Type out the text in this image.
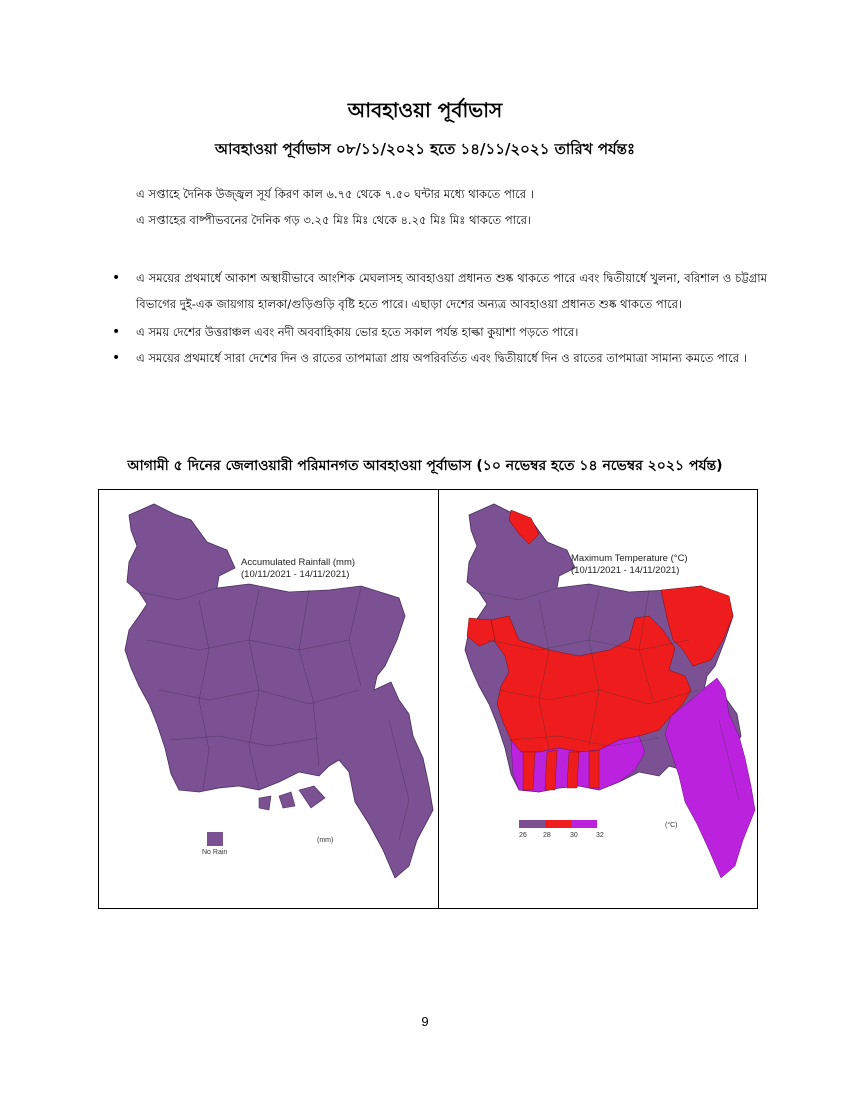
আবহাওয়া পূর্বাভাস
আবহাওয়া পূর্বাভাস ০৮/১১/২০২১ হতে ১৪/১১/২০২১ তারিখ পর্যন্তঃ
এ সপ্তাহে দৈনিক উজ্জ্বল সূর্য কিরণ কাল ৬.৭৫ থেকে ৭.৫০ ঘন্টার মধ্যে থাকতে পারে ।
এ সপ্তাহের বাষ্পীভবনের দৈনিক গড় ৩.২৫ মিঃ মিঃ থেকে ৪.২৫ মিঃ মিঃ থাকতে পারে।
• এ সময়ের প্রথমার্ধে আকাশ অস্থায়ীভাবে আংশিক মেঘলাসহ আবহাওয়া প্রধানত শুষ্ক থাকতে পারে এবং দ্বিতীয়ার্ধে খুলনা, বরিশাল ও চট্টগ্রাম বিভাগের দুই-এক জায়গায় হালকা/গুড়িগুড়ি বৃষ্টি হতে পারে। এছাড়া দেশের অন্যত্র আবহাওয়া প্রধানত শুষ্ক থাকতে পারে।
• এ সময় দেশের উত্তরাঞ্চল এবং নদী অববাহিকায় ভোর হতে সকাল পর্যন্ত হাল্কা কুয়াশা পড়তে পারে।
• এ সময়ের প্রথমার্ধে সারা দেশের দিন ও রাতের তাপমাত্রা প্রায় অপরিবর্তিত এবং দ্বিতীয়ার্ধে দিন ও রাতের তাপমাত্রা সামান্য কমতে পারে ।
আগামী ৫ দিনের জেলাওয়ারী পরিমানগত আবহাওয়া পূর্বাভাস (১০ নভেম্বর হতে ১৪ নভেম্বর ২০২১ পর্যন্ত)
Accumulated Rainfall (mm)
(10/11/2021 - 14/11/2021)
No Rain
(mm)
Maximum Temperature (°C)
(10/11/2021 - 14/11/2021)
26 28	30	32
(°C)
9
